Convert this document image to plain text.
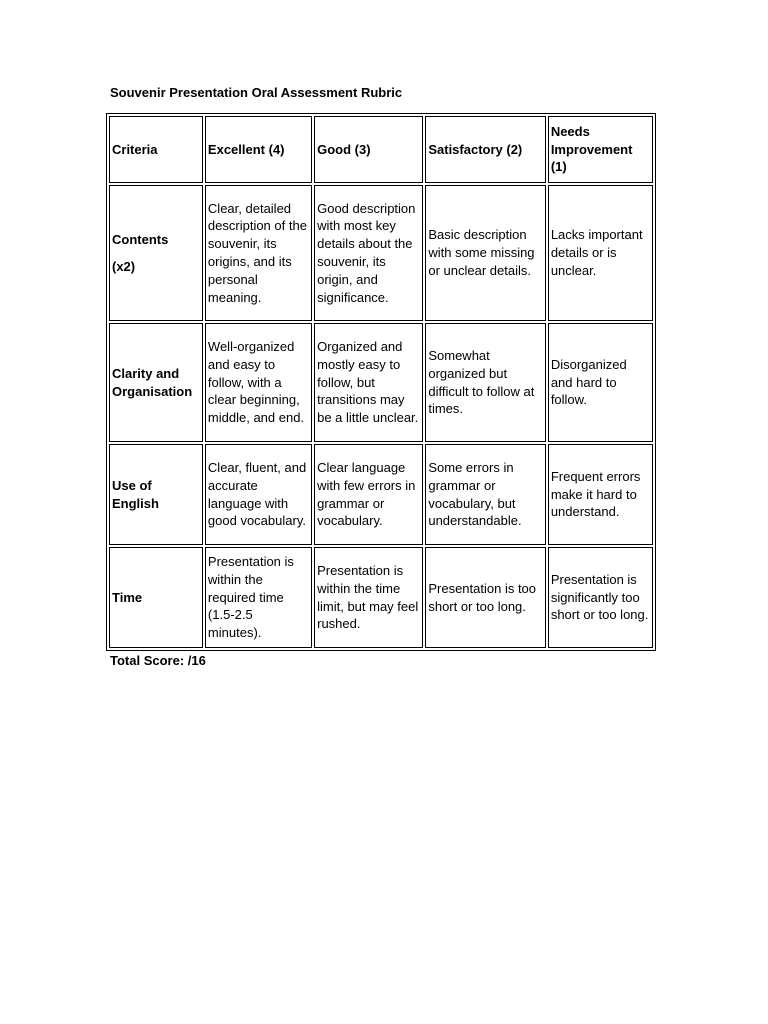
Souvenir Presentation Oral Assessment Rubric
Criteria	Excellent (4)	Good (3)	Satisfactory (2)	Needs Improvement (1)

Contents
(x2)	Clear, detailed description of the souvenir, its origins, and its personal meaning.	Good description with most key details about the souvenir, its origin, and significance.	Basic description with some missing or unclear details.	Lacks important details or is unclear.
Clarity and Organisation	Well-organized and easy to follow, with a clear beginning, middle, and end.	Organized and mostly easy to follow, but transitions may be a little unclear.	Somewhat organized but difficult to follow at times.	Disorganized and hard to follow.
Use of English	Clear, fluent, and accurate language with good vocabulary.	Clear language with few errors in grammar or vocabulary.	Some errors in grammar or vocabulary, but understandable.	Frequent errors make it hard to understand.
Time	Presentation is within the required time (1.5-2.5 minutes).	Presentation is within the time limit, but may feel rushed.	Presentation is too short or too long.	Presentation is significantly too short or too long.
Total Score: /16
